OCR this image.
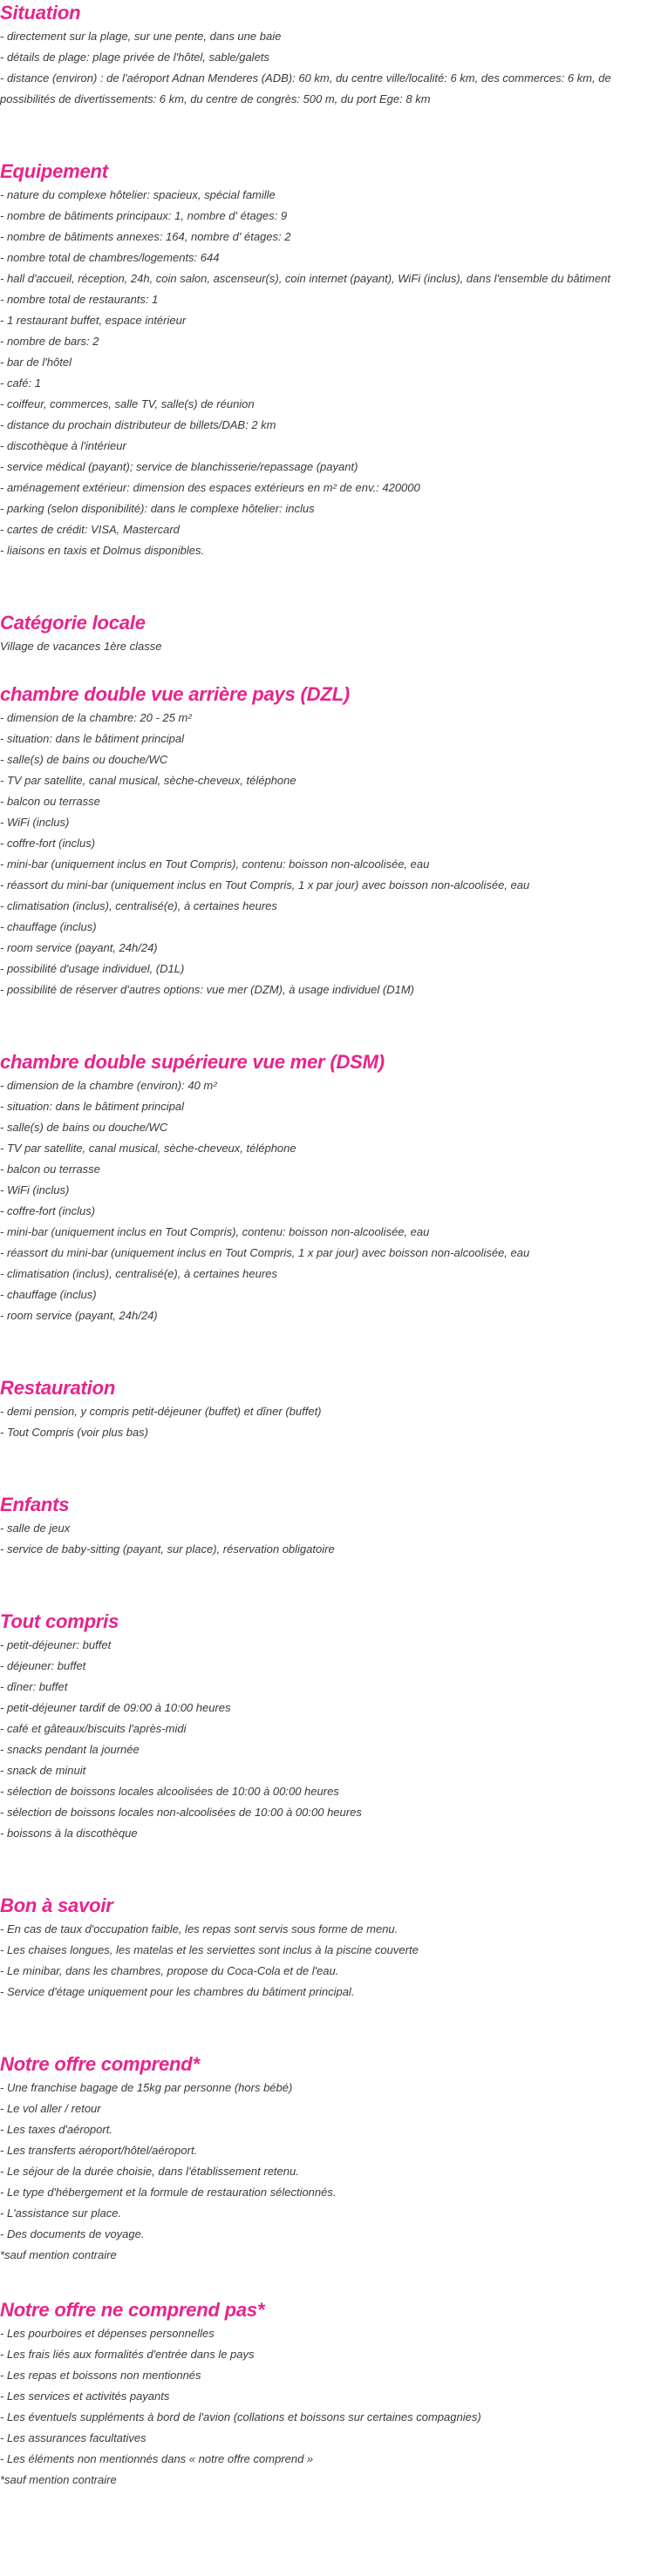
Situation
- directement sur la plage, sur une pente, dans une baie
- détails de plage: plage privée de l'hôtel, sable/galets
- distance (environ) : de l'aéroport Adnan Menderes (ADB): 60 km, du centre ville/localité: 6 km, des commerces: 6 km, de possibilités de divertissements: 6 km, du centre de congrès: 500 m, du port Ege: 8 km
Equipement
- nature du complexe hôtelier: spacieux, spécial famille
- nombre de bâtiments principaux: 1, nombre d' étages: 9
- nombre de bâtiments annexes: 164, nombre d' étages: 2
- nombre total de chambres/logements: 644
- hall d'accueil, réception, 24h, coin salon, ascenseur(s), coin internet (payant), WiFi (inclus), dans l'ensemble du bâtiment
- nombre total de restaurants: 1
- 1 restaurant buffet, espace intérieur
- nombre de bars: 2
- bar de l'hôtel
- café: 1
- coiffeur, commerces, salle TV, salle(s) de réunion
- distance du prochain distributeur de billets/DAB: 2 km
- discothèque à l'intérieur
- service médical (payant); service de blanchisserie/repassage (payant)
- aménagement extérieur: dimension des espaces extérieurs en m² de env.: 420000
- parking (selon disponibilité): dans le complexe hôtelier: inclus
- cartes de crédit: VISA, Mastercard
- liaisons en taxis et Dolmus disponibles.
Catégorie locale
Village de vacances 1ère classe
chambre double vue arrière pays (DZL)
- dimension de la chambre: 20 - 25 m²
- situation: dans le bâtiment principal
- salle(s) de bains ou douche/WC
- TV par satellite, canal musical, sèche-cheveux, téléphone
- balcon ou terrasse
- WiFi (inclus)
- coffre-fort (inclus)
- mini-bar (uniquement inclus en Tout Compris), contenu: boisson non-alcoolisée, eau
- réassort du mini-bar (uniquement inclus en Tout Compris, 1 x par jour) avec boisson non-alcoolisée, eau
- climatisation (inclus), centralisé(e), à certaines heures
- chauffage (inclus)
- room service (payant, 24h/24)
- possibilité d'usage individuel, (D1L)
- possibilité de réserver d'autres options: vue mer (DZM), à usage individuel (D1M)
chambre double supérieure vue mer (DSM)
- dimension de la chambre (environ): 40 m²
- situation: dans le bâtiment principal
- salle(s) de bains ou douche/WC
- TV par satellite, canal musical, sèche-cheveux, téléphone
- balcon ou terrasse
- WiFi (inclus)
- coffre-fort (inclus)
- mini-bar (uniquement inclus en Tout Compris), contenu: boisson non-alcoolisée, eau
- réassort du mini-bar (uniquement inclus en Tout Compris, 1 x par jour) avec boisson non-alcoolisée, eau
- climatisation (inclus), centralisé(e), à certaines heures
- chauffage (inclus)
- room service (payant, 24h/24)
Restauration
- demi pension, y compris petit-déjeuner (buffet) et dîner (buffet)
- Tout Compris (voir plus bas)
Enfants
- salle de jeux
- service de baby-sitting (payant, sur place), réservation obligatoire
Tout compris
- petit-déjeuner: buffet
- déjeuner: buffet
- dîner: buffet
- petit-déjeuner tardif de 09:00 à 10:00 heures
- café et gâteaux/biscuits l'après-midi
- snacks pendant la journée
- snack de minuit
- sélection de boissons locales alcoolisées de 10:00 à 00:00 heures
- sélection de boissons locales non-alcoolisées de 10:00 à 00:00 heures
- boissons à la discothèque
Bon à savoir
- En cas de taux d'occupation faible, les repas sont servis sous forme de menu.
- Les chaises longues, les matelas et les serviettes sont inclus à la piscine couverte
- Le minibar, dans les chambres, propose du Coca-Cola et de l'eau.
- Service d'étage uniquement pour les chambres du bâtiment principal.
Notre offre comprend*
- Une franchise bagage de 15kg par personne (hors bébé)
- Le vol aller / retour
- Les taxes d'aéroport.
- Les transferts aéroport/hôtel/aéroport.
- Le séjour de la durée choisie, dans l'établissement retenu.
- Le type d'hébergement et la formule de restauration sélectionnés.
- L'assistance sur place.
- Des documents de voyage.
*sauf mention contraire
Notre offre ne comprend pas*
- Les pourboires et dépenses personnelles
- Les frais liés aux formalités d'entrée dans le pays
- Les repas et boissons non mentionnés
- Les services et activités payants
- Les éventuels suppléments à bord de l'avion (collations et boissons sur certaines compagnies)
- Les assurances facultatives
- Les éléments non mentionnés dans « notre offre comprend »
*sauf mention contraire
